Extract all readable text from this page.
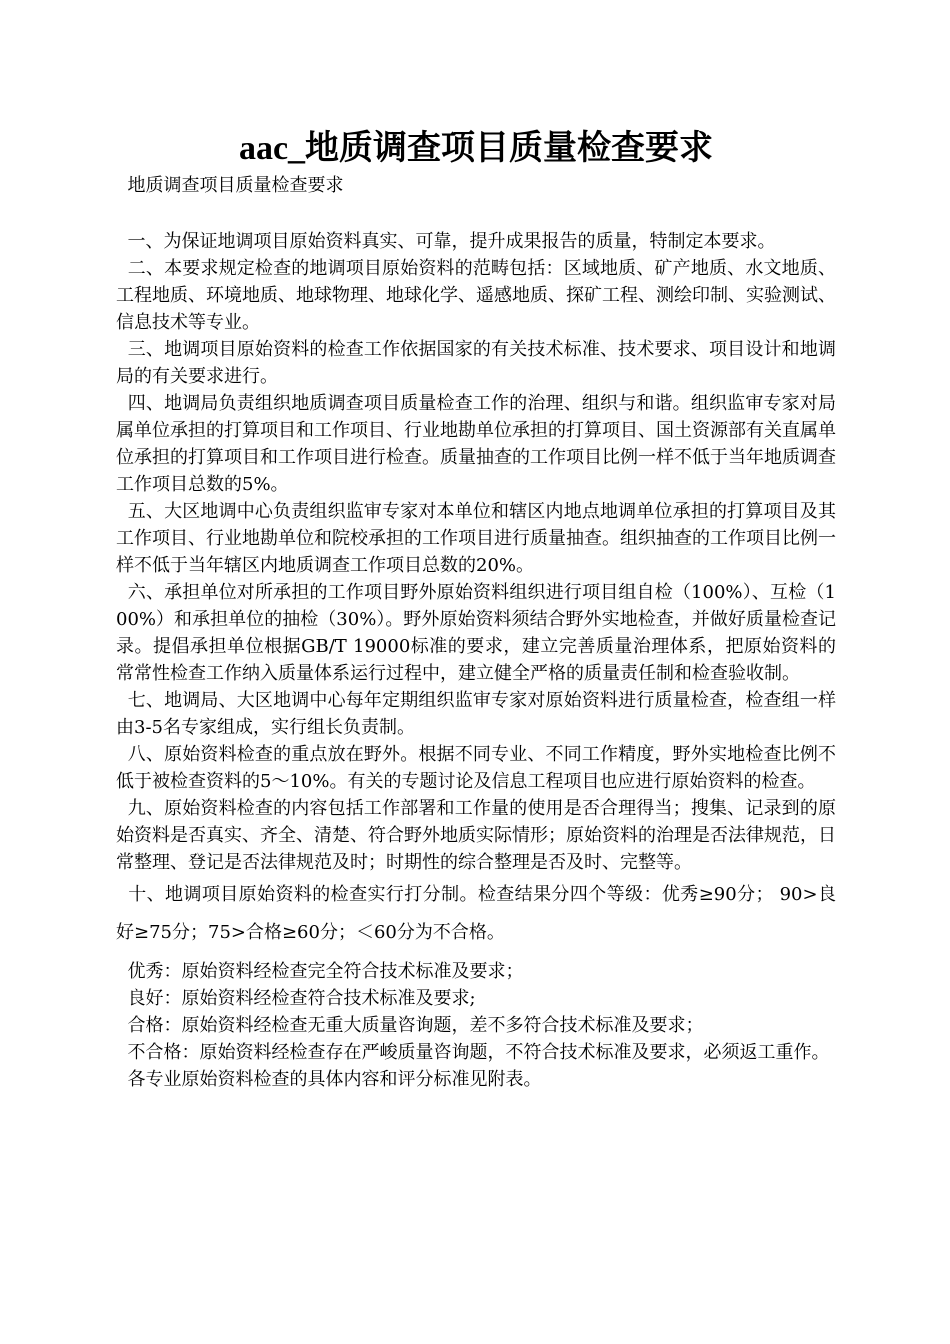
aac_地质调查项目质量检查要求

地质调查项目质量检查要求

一、为保证地调项目原始资料真实、可靠，提升成果报告的质量，特制定本要求。

二、本要求规定检查的地调项目原始资料的范畴包括：区域地质、矿产地质、水文地质、工程地质、环境地质、地球物理、地球化学、遥感地质、探矿工程、测绘印制、实验测试、信息技术等专业。

三、地调项目原始资料的检查工作依据国家的有关技术标准、技术要求、项目设计和地调局的有关要求进行。

四、地调局负责组织地质调查项目质量检查工作的治理、组织与和谐。组织监审专家对局属单位承担的打算项目和工作项目、行业地勘单位承担的打算项目、国土资源部有关直属单位承担的打算项目和工作项目进行检查。质量抽查的工作项目比例一样不低于当年地质调查工作项目总数的5%。

五、大区地调中心负责组织监审专家对本单位和辖区内地点地调单位承担的打算项目及其工作项目、行业地勘单位和院校承担的工作项目进行质量抽查。组织抽查的工作项目比例一样不低于当年辖区内地质调查工作项目总数的20%。

六、承担单位对所承担的工作项目野外原始资料组织进行项目组自检（100%）、互检（100%）和承担单位的抽检（30%）。野外原始资料须结合野外实地检查，并做好质量检查记录。提倡承担单位根据GB/T 19000标准的要求，建立完善质量治理体系，把原始资料的常常性检查工作纳入质量体系运行过程中，建立健全严格的质量责任制和检查验收制。

七、地调局、大区地调中心每年定期组织监审专家对原始资料进行质量检查，检查组一样由3-5名专家组成，实行组长负责制。

八、原始资料检查的重点放在野外。根据不同专业、不同工作精度，野外实地检查比例不低于被检查资料的5～10%。有关的专题讨论及信息工程项目也应进行原始资料的检查。

九、原始资料检查的内容包括工作部署和工作量的使用是否合理得当；搜集、记录到的原始资料是否真实、齐全、清楚、符合野外地质实际情形；原始资料的治理是否法律规范，日常整理、登记是否法律规范及时；时期性的综合整理是否及时、完整等。

十、地调项目原始资料的检查实行打分制。检查结果分四个等级：优秀≥90分； 90>良好≥75分；75>合格≥60分；＜60分为不合格。

优秀：原始资料经检查完全符合技术标准及要求；

良好：原始资料经检查符合技术标准及要求;

合格：原始资料经检查无重大质量咨询题，差不多符合技术标准及要求；

不合格：原始资料经检查存在严峻质量咨询题，不符合技术标准及要求，必须返工重作。

各专业原始资料检查的具体内容和评分标准见附表。
